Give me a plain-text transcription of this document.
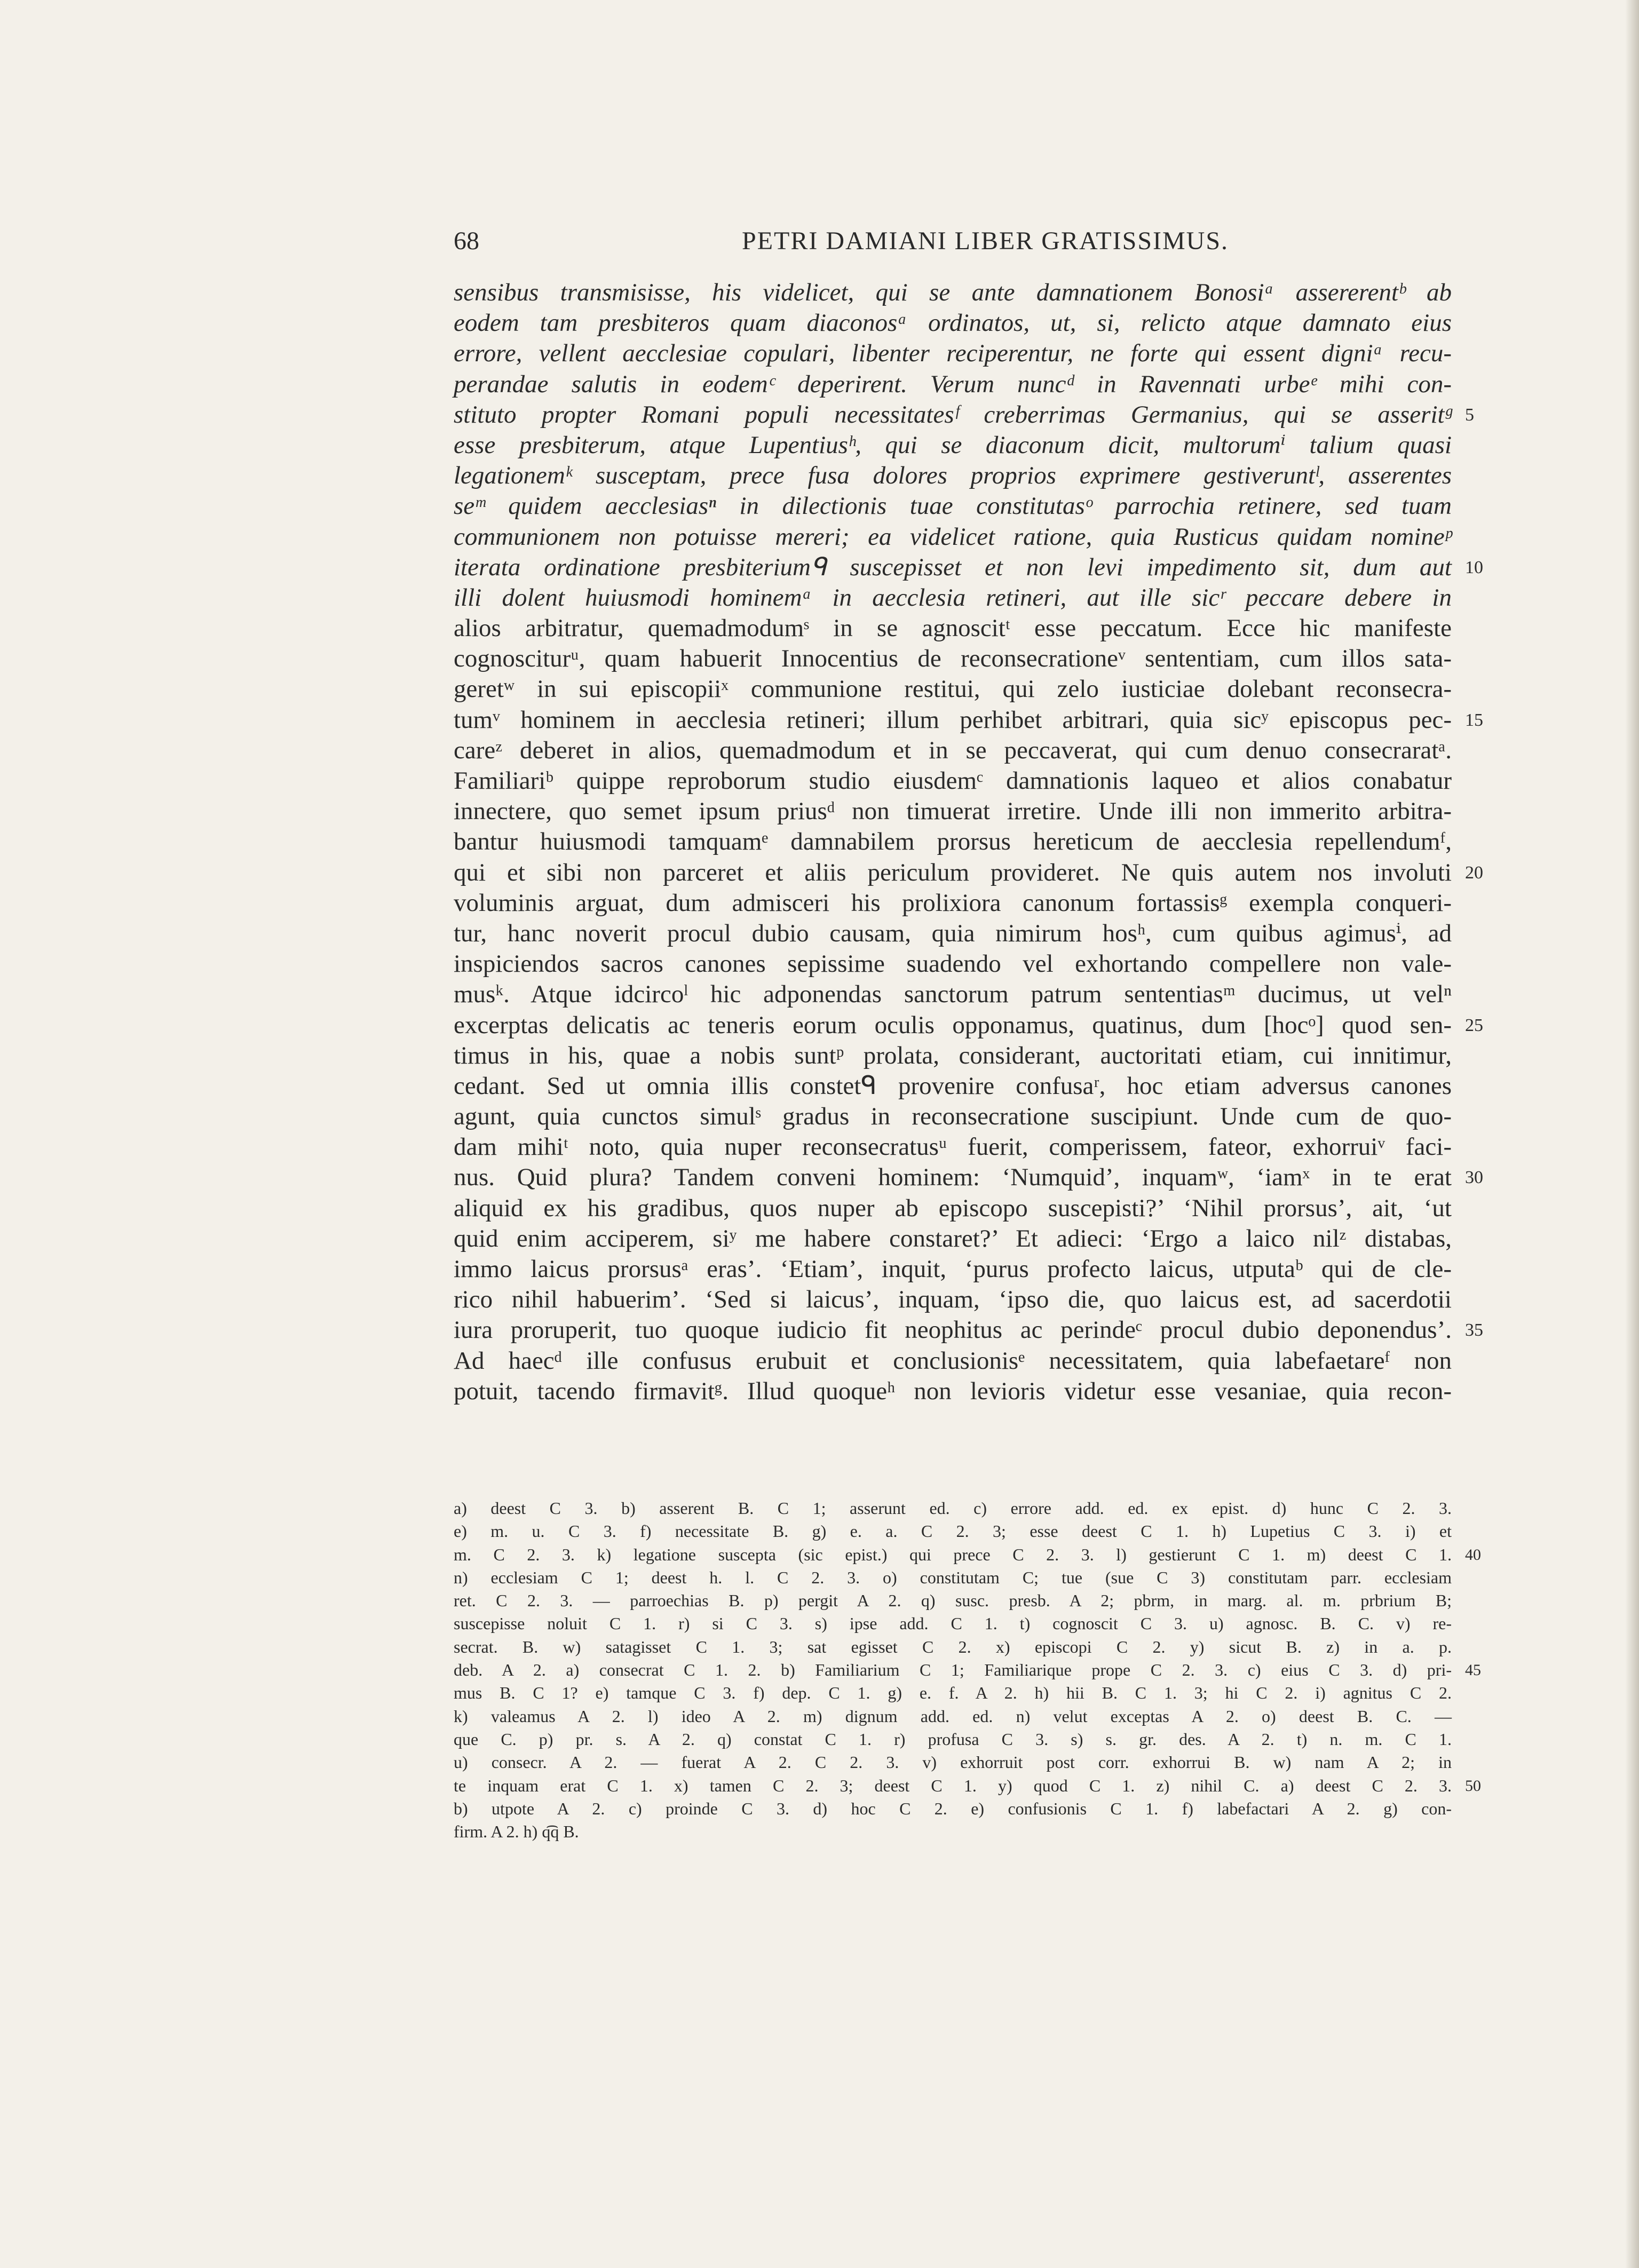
68	PETRI DAMIANI LIBER GRATISSIMUS.
sensibus transmisisse, his videlicet, qui se ante damnationem Bonosiᵃ assererentᵇ ab
eodem tam presbiteros quam diaconosᵃ ordinatos, ut, si, relicto atque damnato eius
errore, vellent aecclesiae copulari, libenter reciperentur, ne forte qui essent digniᵃ recu-
perandae salutis in eodemᶜ deperirent. Verum nuncᵈ in Ravennati urbeᵉ mihi con-
stituto propter Romani populi necessitatesᶠ creberrimas Germanius, qui se asseritᵍ 5
esse presbiterum, atque Lupentiusʰ, qui se diaconum dicit, multorumⁱ talium quasi
legationemᵏ susceptam, prece fusa dolores proprios exprimere gestiveruntˡ, asserentes
seᵐ quidem aecclesiasⁿ in dilectionis tuae constitutasᵒ parrochia retinere, sed tuam
communionem non potuisse mereri; ea videlicet ratione, quia Rusticus quidam nomineᵖ
iterata ordinatione presbiteriumᑫ suscepisset et non levi impedimento sit, dum aut 10
illi dolent huiusmodi hominemᵃ in aecclesia retineri, aut ille sicʳ peccare debere in
alios arbitratur, quemadmodumˢ in se agnoscitᵗ esse peccatum. Ecce hic manifeste
cognosciturᵘ, quam habuerit Innocentius de reconsecrationeᵛ sententiam, cum illos sata-
geretʷ in sui episcopiiˣ communione restitui, qui zelo iusticiae dolebant reconsecra-
tumᵛ hominem in aecclesia retineri; illum perhibet arbitrari, quia sicʸ episcopus pec- 15
careᶻ deberet in alios, quemadmodum et in se peccaverat, qui cum denuo consecraratᵃ.
Familiariᵇ quippe reproborum studio eiusdemᶜ damnationis laqueo et alios conabatur
innectere, quo semet ipsum priusᵈ non timuerat irretire. Unde illi non immerito arbitra-
bantur huiusmodi tamquamᵉ damnabilem prorsus hereticum de aecclesia repellendumᶠ,
qui et sibi non parceret et aliis periculum provideret. Ne quis autem nos involuti 20
voluminis arguat, dum admisceri his prolixiora canonum fortassisᵍ exempla conqueri-
tur, hanc noverit procul dubio causam, quia nimirum hosʰ, cum quibus agimusⁱ, ad
inspiciendos sacros canones sepissime suadendo vel exhortando compellere non vale-
musᵏ. Atque idcircoˡ hic adponendas sanctorum patrum sententiasᵐ ducimus, ut velⁿ
excerptas delicatis ac teneris eorum oculis opponamus, quatinus, dum [hocᵒ] quod sen- 25
timus in his, quae a nobis suntᵖ prolata, considerant, auctoritati etiam, cui innitimur,
cedant. Sed ut omnia illis constetᑫ provenire confusaʳ, hoc etiam adversus canones
agunt, quia cunctos simulˢ gradus in reconsecratione suscipiunt. Unde cum de quo-
dam mihiᵗ noto, quia nuper reconsecratusᵘ fuerit, comperissem, fateor, exhorruiᵛ faci-
nus. Quid plura? Tandem conveni hominem: ‘Numquid’, inquamʷ, ‘iamˣ in te erat 30
aliquid ex his gradibus, quos nuper ab episcopo suscepisti?’ ‘Nihil prorsus’, ait, ‘ut
quid enim acciperem, siʸ me habere constaret?’ Et adieci: ‘Ergo a laico nilᶻ distabas,
immo laicus prorsusᵃ eras’. ‘Etiam’, inquit, ‘purus profecto laicus, utputaᵇ qui de cle-
rico nihil habuerim’. ‘Sed si laicus’, inquam, ‘ipso die, quo laicus est, ad sacerdotii
iura proruperit, tuo quoque iudicio fit neophitus ac perindeᶜ procul dubio deponendus’. 35
Ad haecᵈ ille confusus erubuit et conclusionisᵉ necessitatem, quia labefaetareᶠ non
potuit, tacendo firmavitᵍ. Illud quoqueʰ non levioris videtur esse vesaniae, quia recon-
a) deest C 3. b) asserent B. C 1; asserunt ed. c) errore add. ed. ex epist. d) hunc C 2. 3.
e) m. u. C 3. f) necessitate B. g) e. a. C 2. 3; esse deest C 1. h) Lupetius C 3. i) et
m. C 2. 3. k) legatione suscepta (sic epist.) qui prece C 2. 3. l) gestierunt C 1. m) deest C 1. 40
n) ecclesiam C 1; deest h. l. C 2. 3. o) constitutam C; tue (sue C 3) constitutam parr. ecclesiam
ret. C 2. 3. — parroechias B. p) pergit A 2. q) susc. presb. A 2; pbrm, in marg. al. m. prbrium B;
suscepisse noluit C 1. r) si C 3. s) ipse add. C 1. t) cognoscit C 3. u) agnosc. B. C. v) re-
secrat. B. w) satagisset C 1. 3; sat egisset C 2. x) episcopi C 2. y) sicut B. z) in a. p.
deb. A 2. a) consecrat C 1. 2. b) Familiarium C 1; Familiarique prope C 2. 3. c) eius C 3. d) pri- 45
mus B. C 1? e) tamque C 3. f) dep. C 1. g) e. f. A 2. h) hii B. C 1. 3; hi C 2. i) agnitus C 2.
k) valeamus A 2. l) ideo A 2. m) dignum add. ed. n) velut exceptas A 2. o) deest B. C. —
que C. p) pr. s. A 2. q) constat C 1. r) profusa C 3. s) s. gr. des. A 2. t) n. m. C 1.
u) consecr. A 2. — fuerat A 2. C 2. 3. v) exhorruit post corr. exhorrui B. w) nam A 2; in
te inquam erat C 1. x) tamen C 2. 3; deest C 1. y) quod C 1. z) nihil C. a) deest C 2. 3. 50
b) utpote A 2. c) proinde C 3. d) hoc C 2. e) confusionis C 1. f) labefactari A 2. g) con-
firm. A 2. h) q͡q B.
